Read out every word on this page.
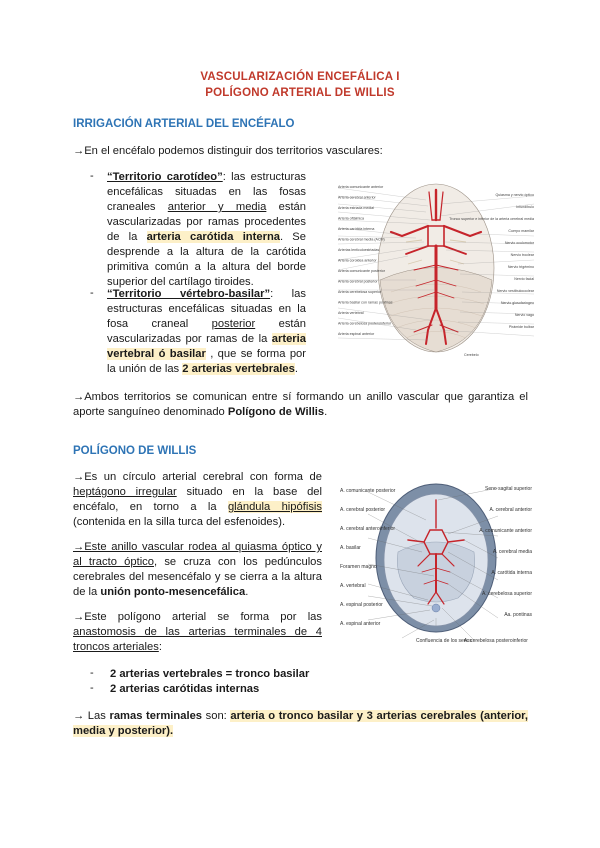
VASCULARIZACIÓN ENCEFÁLICA I
POLÍGONO ARTERIAL DE WILLIS
IRRIGACIÓN ARTERIAL DEL ENCÉFALO
→En el encéfalo podemos distinguir dos territorios vasculares:
- “Territorio carotídeo”: las estructuras encefálicas situadas en las fosas craneales anterior y media están vascularizadas por ramas procedentes de la arteria carótida interna. Se desprende a la altura de la carótida primitiva común a la altura del borde superior del cartílago tiroides.
- “Territorio vértebro-basilar”: las estructuras encefálicas situadas en la fosa craneal posterior están vascularizadas por ramas de la arteria vertebral ó basilar , que se forma por la unión de las 2 arterias vertebrales.
Arteria comunicante anterior
Arteria cerebral anterior
Arteria estriada medial
Arteria oftálmica
Arteria carótida interna
Arteria cerebral media (ACM)
Arterias lenticuloestriadas
Arteria coroidea anterior
Arteria comunicante posterior
Arteria cerebral posterior
Arteria cerebelosa superior
Arteria basilar con ramas pontinas
Arteria vertebral
Arteria cerebelosa posteroinferior
Arteria espinal anterior
Quiasma y nervio óptico
Infundíbulo
Tronco superior e inferior de la arteria cerebral media
Cuerpo mamilar
Nervio oculomotor
Nervio troclear
Nervio trigémino
Nervio facial
Nervio vestibulococlear
Nervio glosofaríngeo
Nervio vago
Pirámide bulbar
Cerebelo
→Ambos territorios se comunican entre sí formando un anillo vascular que garantiza el aporte sanguíneo denominado Polígono de Willis.
POLÍGONO DE WILLIS
→Es un círculo arterial cerebral con forma de heptágono irregular situado en la base del encéfalo, en torno a la glándula hipófisis (contenida en la silla turca del esfenoides).
→Este anillo vascular rodea al quiasma óptico y al tracto óptico, se cruza con los pedúnculos cerebrales del mesencéfalo y se cierra a la altura de la unión ponto-mesencefálica.
→Este polígono arterial se forma por las anastomosis de las arterias terminales de 4 troncos arteriales:
- 2 arterias vertebrales = tronco basilar
- 2 arterias carótidas internas
→ Las ramas terminales son: arteria o tronco basilar y 3 arterias cerebrales (anterior, media y posterior).
A. comunicante posterior
A. cerebral posterior
A. cerebral anteroinferior
A. basilar
Foramen magno
A. vertebral
A. espinal posterior
A. espinal anterior
Seno sagital superior
A. cerebral anterior
A. comunicante anterior
A. cerebral media
A. carótida interna
A. cerebelosa superior
Aa. pontinas
Confluencia de los senos
A. cerebelosa posteroinferior
